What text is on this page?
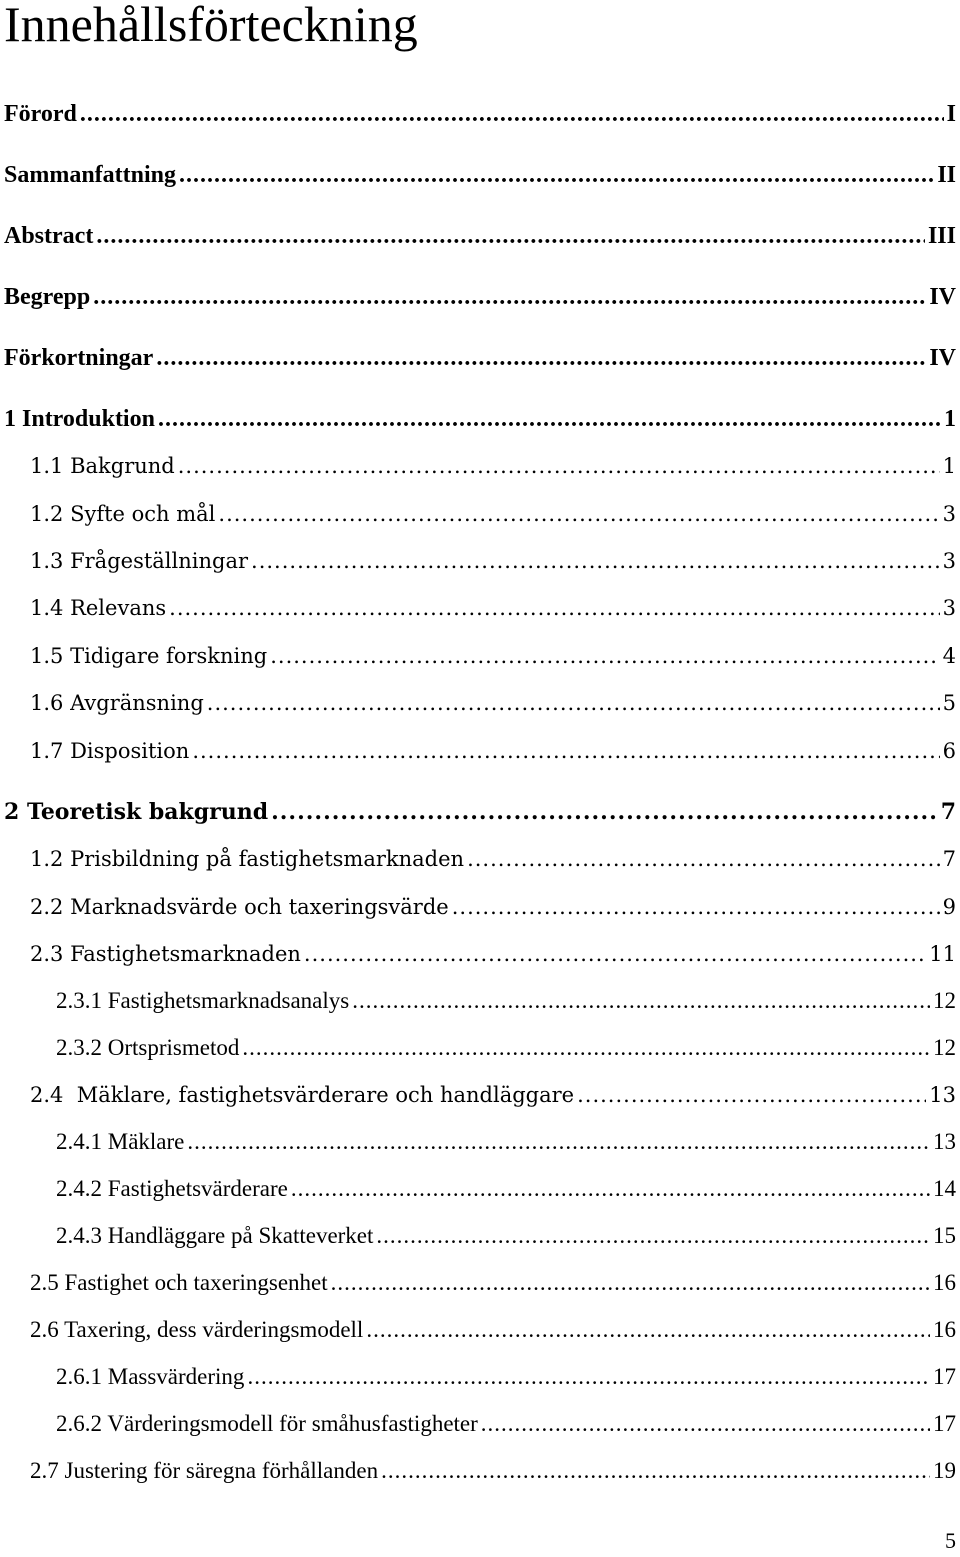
Innehållsförteckning
Förord .....	I
Sammanfattning .....	II
Abstract .....	III
Begrepp .....	IV
Förkortningar .....	IV
1 Introduktion .....	1
1.1 Bakgrund .....	1
1.2 Syfte och mål .....	3
1.3 Frågeställningar .....	3
1.4 Relevans .....	3
1.5 Tidigare forskning .....	4
1.6 Avgränsning .....	5
1.7 Disposition .....	6
2 Teoretisk bakgrund .....	7
1.2 Prisbildning på fastighetsmarknaden .....	7
2.2 Marknadsvärde och taxeringsvärde .....	9
2.3 Fastighetsmarknaden .....	11
2.3.1 Fastighetsmarknadsanalys .....	12
2.3.2 Ortsprismetod .....	12
2.4  Mäklare, fastighetsvärderare och handläggare .....	13
2.4.1 Mäklare .....	13
2.4.2 Fastighetsvärderare .....	14
2.4.3 Handläggare på Skatteverket .....	15
2.5 Fastighet och taxeringsenhet .....	16
2.6 Taxering, dess värderingsmodell .....	16
2.6.1 Massvärdering .....	17
2.6.2 Värderingsmodell för småhusfastigheter .....	17
2.7 Justering för säregna förhållanden .....	19
5
